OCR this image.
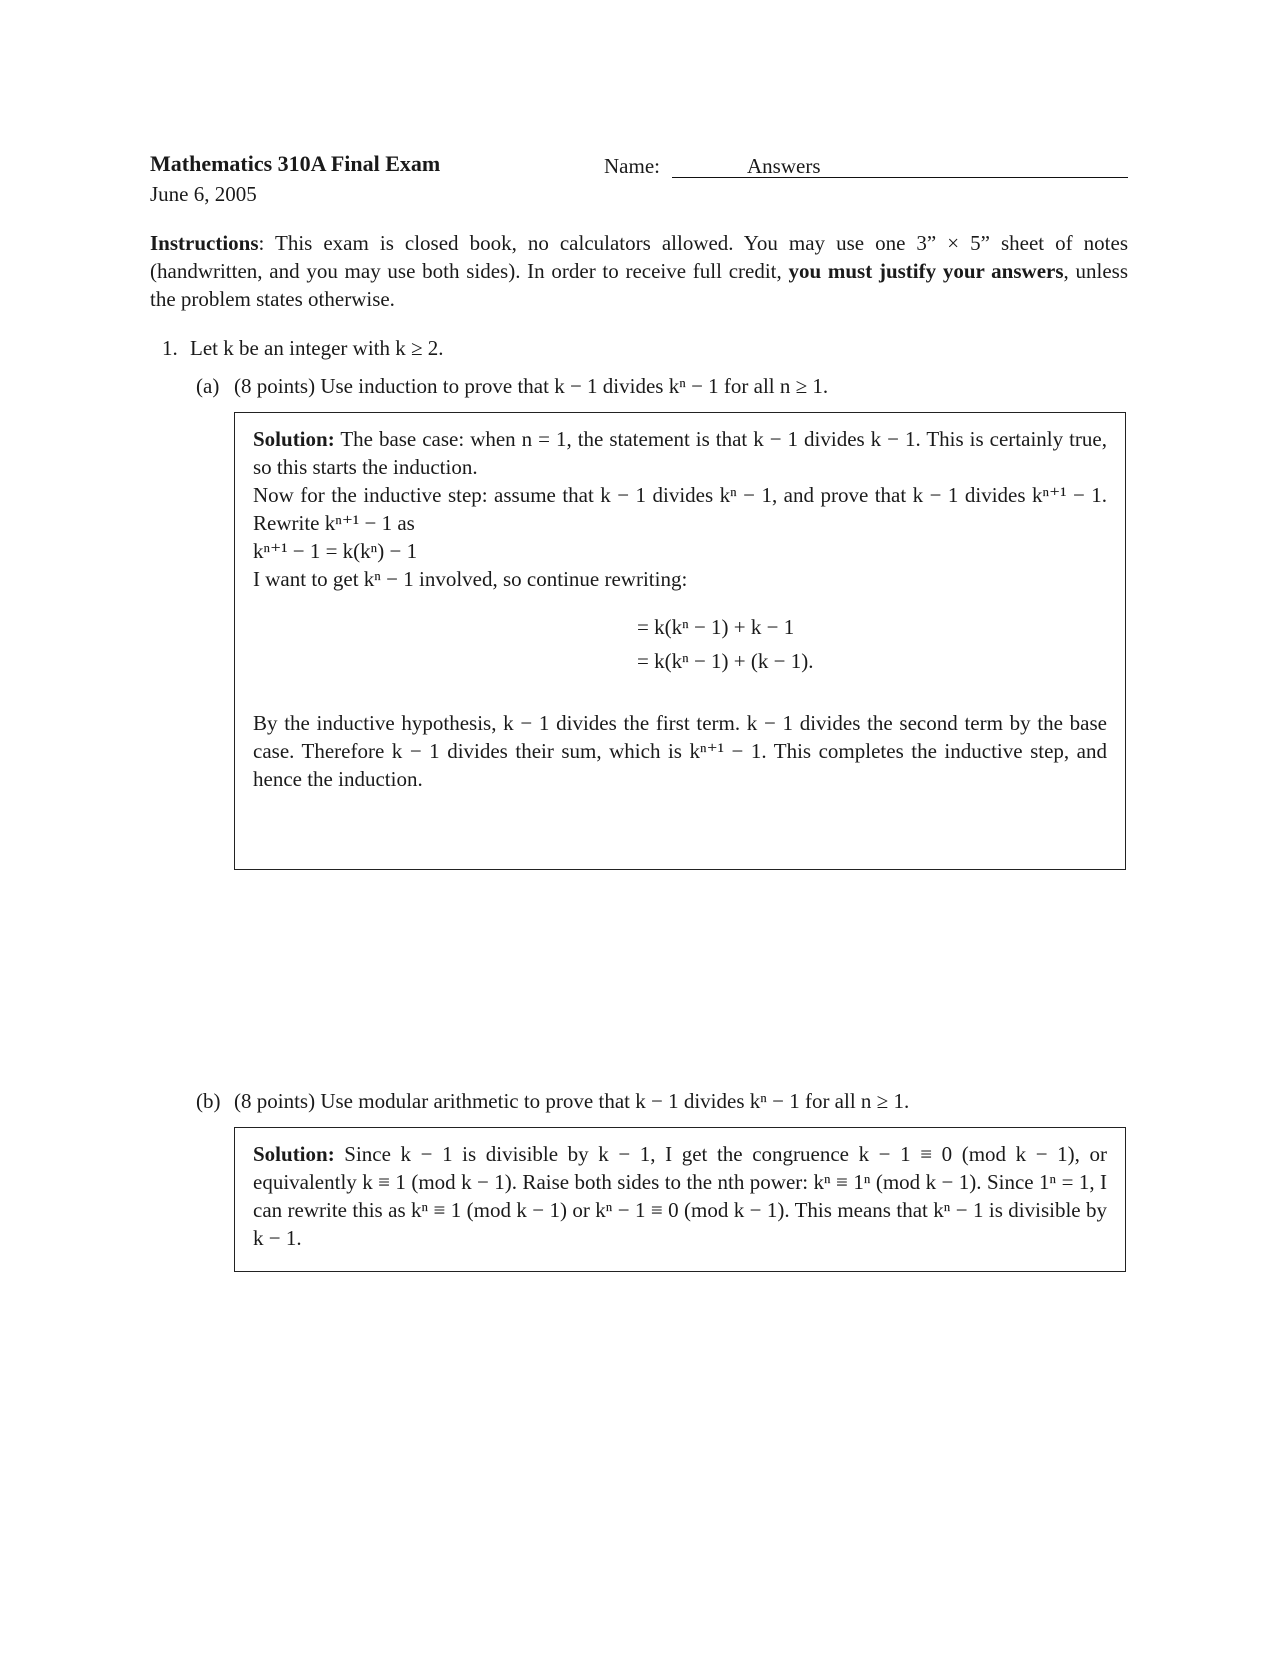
Mathematics 310A Final Exam
June 6, 2005
Name:	Answers
Instructions: This exam is closed book, no calculators allowed. You may use one 3” × 5” sheet of notes (handwritten, and you may use both sides). In order to receive full credit, you must justify your answers, unless the problem states otherwise.
1. Let k be an integer with k ≥ 2.
(a) (8 points) Use induction to prove that k − 1 divides kⁿ − 1 for all n ≥ 1.

Solution: The base case: when n = 1, the statement is that k − 1 divides k − 1. This is certainly true, so this starts the induction.

Now for the inductive step: assume that k − 1 divides kⁿ − 1, and prove that k − 1 divides kⁿ⁺¹ − 1. Rewrite kⁿ⁺¹ − 1 as

kⁿ⁺¹ − 1 = k(kⁿ) − 1

I want to get kⁿ − 1 involved, so continue rewriting:

= k(kⁿ − 1) + k − 1
= k(kⁿ − 1) + (k − 1).

By the inductive hypothesis, k − 1 divides the first term. k − 1 divides the second term by the base case. Therefore k − 1 divides their sum, which is kⁿ⁺¹ − 1. This completes the inductive step, and hence the induction.

(b) (8 points) Use modular arithmetic to prove that k − 1 divides kⁿ − 1 for all n ≥ 1.

Solution: Since k − 1 is divisible by k − 1, I get the congruence k − 1 ≡ 0 (mod k − 1), or equivalently k ≡ 1 (mod k − 1). Raise both sides to the nth power: kⁿ ≡ 1ⁿ (mod k − 1). Since 1ⁿ = 1, I can rewrite this as kⁿ ≡ 1 (mod k − 1) or kⁿ − 1 ≡ 0 (mod k − 1). This means that kⁿ − 1 is divisible by k − 1.
